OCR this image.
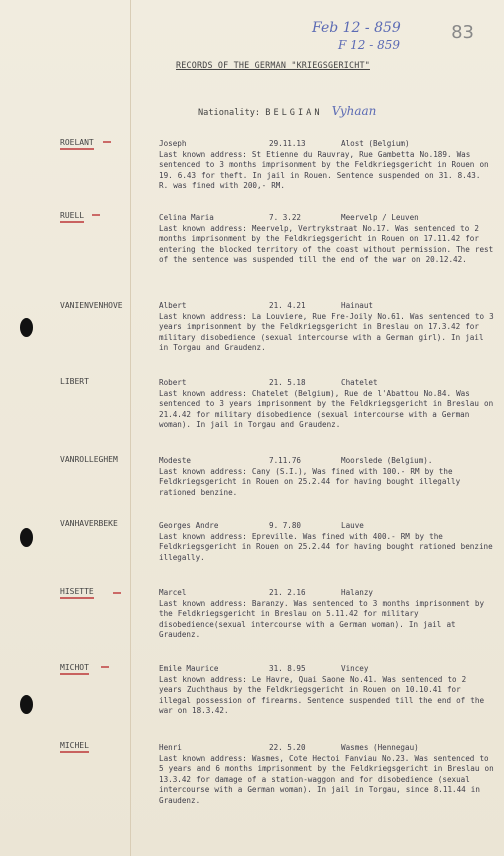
Feb 12 - 859
F 12 - 859
83
RECORDS OF THE GERMAN "KRIEGSGERICHT"
Nationality: BELGIAN Vyhaan
ROELANT	Joseph	29.11.13	Alost (Belgium)
Last known address: St Etienne du Rauvray, Rue Gambetta No.189. Was sentenced to 3 months imprisonment by the Feldkriegsgericht in Rouen on 19. 6.43 for theft. In jail in Rouen. Sentence suspended on 31. 8.43. R. was fined with 200,- RM.
RUELL	Celina Maria	7. 3.22	Meervelp / Leuven
Last known address: Meervelp, Vertrykstraat No.17. Was sentenced to 2 months imprisonment by the Feldkriegsgericht in Rouen on 17.11.42 for entering the blocked territory of the coast without permission. The rest of the sentence was suspended till the end of the war on 20.12.42.
VANIENVENHOVE	Albert	21. 4.21	Hainaut
Last known address: La Louviere, Rue Fre-Joily No.61. Was sentenced to 3 years imprisonment by the Feldkriegsgericht in Breslau on 17.3.42 for military disobedience (sexual intercourse with a German girl). In jail in Torgau and Graudenz.
LIBERT	Robert	21. 5.18	Chatelet
Last known address: Chatelet (Belgium), Rue de l'Abattou No.84. Was sentenced to 3 years imprisonment by the Feldkriegsgericht in Breslau on 21.4.42 for military disobedience (sexual intercourse with a German woman). In jail in Torgau and Graudenz.
VANROLLEGHEM	Modeste	7.11.76	Moorslede (Belgium).
Last known address: Cany (S.I.), Was fined with 100.- RM by the Feldkriegsgericht in Rouen on 25.2.44 for having bought illegally rationed benzine.
VANHAVERBEKE	Georges Andre	9. 7.80	Lauve
Last known address: Epreville. Was fined with 400.- RM by the Feldkriegsgericht in Rouen on 25.2.44 for having bought rationed benzine illegally.
HISETTE	Marcel	21. 2.16	Halanzy
Last known address: Baranzy. Was sentenced to 3 months imprisonment by the Feldkriegsgericht in Breslau on 5.11.42 for military disobedience(sexual intercourse with a German woman). In jail at Graudenz.
MICHOT	Emile Maurice	31. 8.95	Vincey
Last known address: Le Havre, Quai Saone No.41. Was sentenced to 2 years Zuchthaus by the Feldkriegsgericht in Rouen on 10.10.41 for illegal possession of firearms. Sentence suspended till the end of the war on 18.3.42.
MICHEL	Henri	22. 5.20	Wasmes (Hennegau)
Last known address: Wasmes, Cote Hectoi Fanviau No.23. Was sentenced to 5 years and 6 months imprisonment by the Feldkriegsgericht in Breslau on 13.3.42 for damage of a station-waggon and for disobedience (sexual intercourse with a German woman). In jail in Torgau, since 8.11.44 in Graudenz.
